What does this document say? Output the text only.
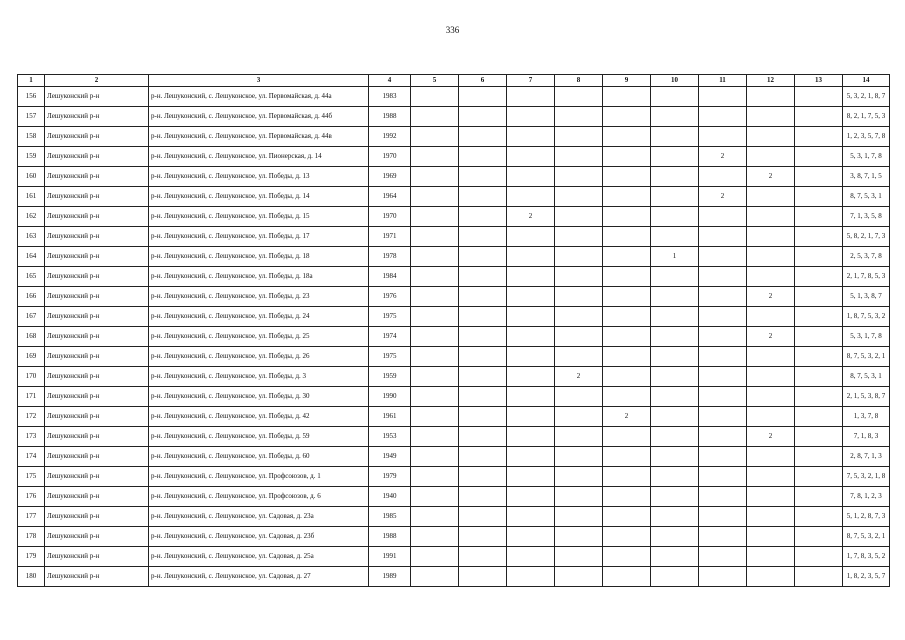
336
1	2	3	4	5	6	7	8	9	10	11	12	13	14
156	Лешуконский р-н	р-н. Лешуконский, с. Лешуконское, ул. Первомайская, д. 44а	1983										5, 3, 2, 1, 8, 7
157	Лешуконский р-н	р-н. Лешуконский, с. Лешуконское, ул. Первомайская, д. 44б	1988										8, 2, 1, 7, 5, 3
158	Лешуконский р-н	р-н. Лешуконский, с. Лешуконское, ул. Первомайская, д. 44в	1992										1, 2, 3, 5, 7, 8
159	Лешуконский р-н	р-н. Лешуконский, с. Лешуконское, ул. Пионерская, д. 14	1970							2			5, 3, 1, 7, 8
160	Лешуконский р-н	р-н. Лешуконский, с. Лешуконское, ул. Победы, д. 13	1969								2		3, 8, 7, 1, 5
161	Лешуконский р-н	р-н. Лешуконский, с. Лешуконское, ул. Победы, д. 14	1964							2			8, 7, 5, 3, 1
162	Лешуконский р-н	р-н. Лешуконский, с. Лешуконское, ул. Победы, д. 15	1970			2							7, 1, 3, 5, 8
163	Лешуконский р-н	р-н. Лешуконский, с. Лешуконское, ул. Победы, д. 17	1971										5, 8, 2, 1, 7, 3
164	Лешуконский р-н	р-н. Лешуконский, с. Лешуконское, ул. Победы, д. 18	1978						1				2, 5, 3, 7, 8
165	Лешуконский р-н	р-н. Лешуконский, с. Лешуконское, ул. Победы, д. 18а	1984										2, 1, 7, 8, 5, 3
166	Лешуконский р-н	р-н. Лешуконский, с. Лешуконское, ул. Победы, д. 23	1976								2		5, 1, 3, 8, 7
167	Лешуконский р-н	р-н. Лешуконский, с. Лешуконское, ул. Победы, д. 24	1975										1, 8, 7, 5, 3, 2
168	Лешуконский р-н	р-н. Лешуконский, с. Лешуконское, ул. Победы, д. 25	1974								2		5, 3, 1, 7, 8
169	Лешуконский р-н	р-н. Лешуконский, с. Лешуконское, ул. Победы, д. 26	1975										8, 7, 5, 3, 2, 1
170	Лешуконский р-н	р-н. Лешуконский, с. Лешуконское, ул. Победы, д. 3	1959				2						8, 7, 5, 3, 1
171	Лешуконский р-н	р-н. Лешуконский, с. Лешуконское, ул. Победы, д. 30	1990										2, 1, 5, 3, 8, 7
172	Лешуконский р-н	р-н. Лешуконский, с. Лешуконское, ул. Победы, д. 42	1961					2					1, 3, 7, 8
173	Лешуконский р-н	р-н. Лешуконский, с. Лешуконское, ул. Победы, д. 59	1953								2		7, 1, 8, 3
174	Лешуконский р-н	р-н. Лешуконский, с. Лешуконское, ул. Победы, д. 60	1949										2, 8, 7, 1, 3
175	Лешуконский р-н	р-н. Лешуконский, с. Лешуконское, ул. Профсоюзов, д. 1	1979										7, 5, 3, 2, 1, 8
176	Лешуконский р-н	р-н. Лешуконский, с. Лешуконское, ул. Профсоюзов, д. 6	1940										7, 8, 1, 2, 3
177	Лешуконский р-н	р-н. Лешуконский, с. Лешуконское, ул. Садовая, д. 23а	1985										5, 1, 2, 8, 7, 3
178	Лешуконский р-н	р-н. Лешуконский, с. Лешуконское, ул. Садовая, д. 23б	1988										8, 7, 5, 3, 2, 1
179	Лешуконский р-н	р-н. Лешуконский, с. Лешуконское, ул. Садовая, д. 25а	1991										1, 7, 8, 3, 5, 2
180	Лешуконский р-н	р-н. Лешуконский, с. Лешуконское, ул. Садовая, д. 27	1989										1, 8, 2, 3, 5, 7
